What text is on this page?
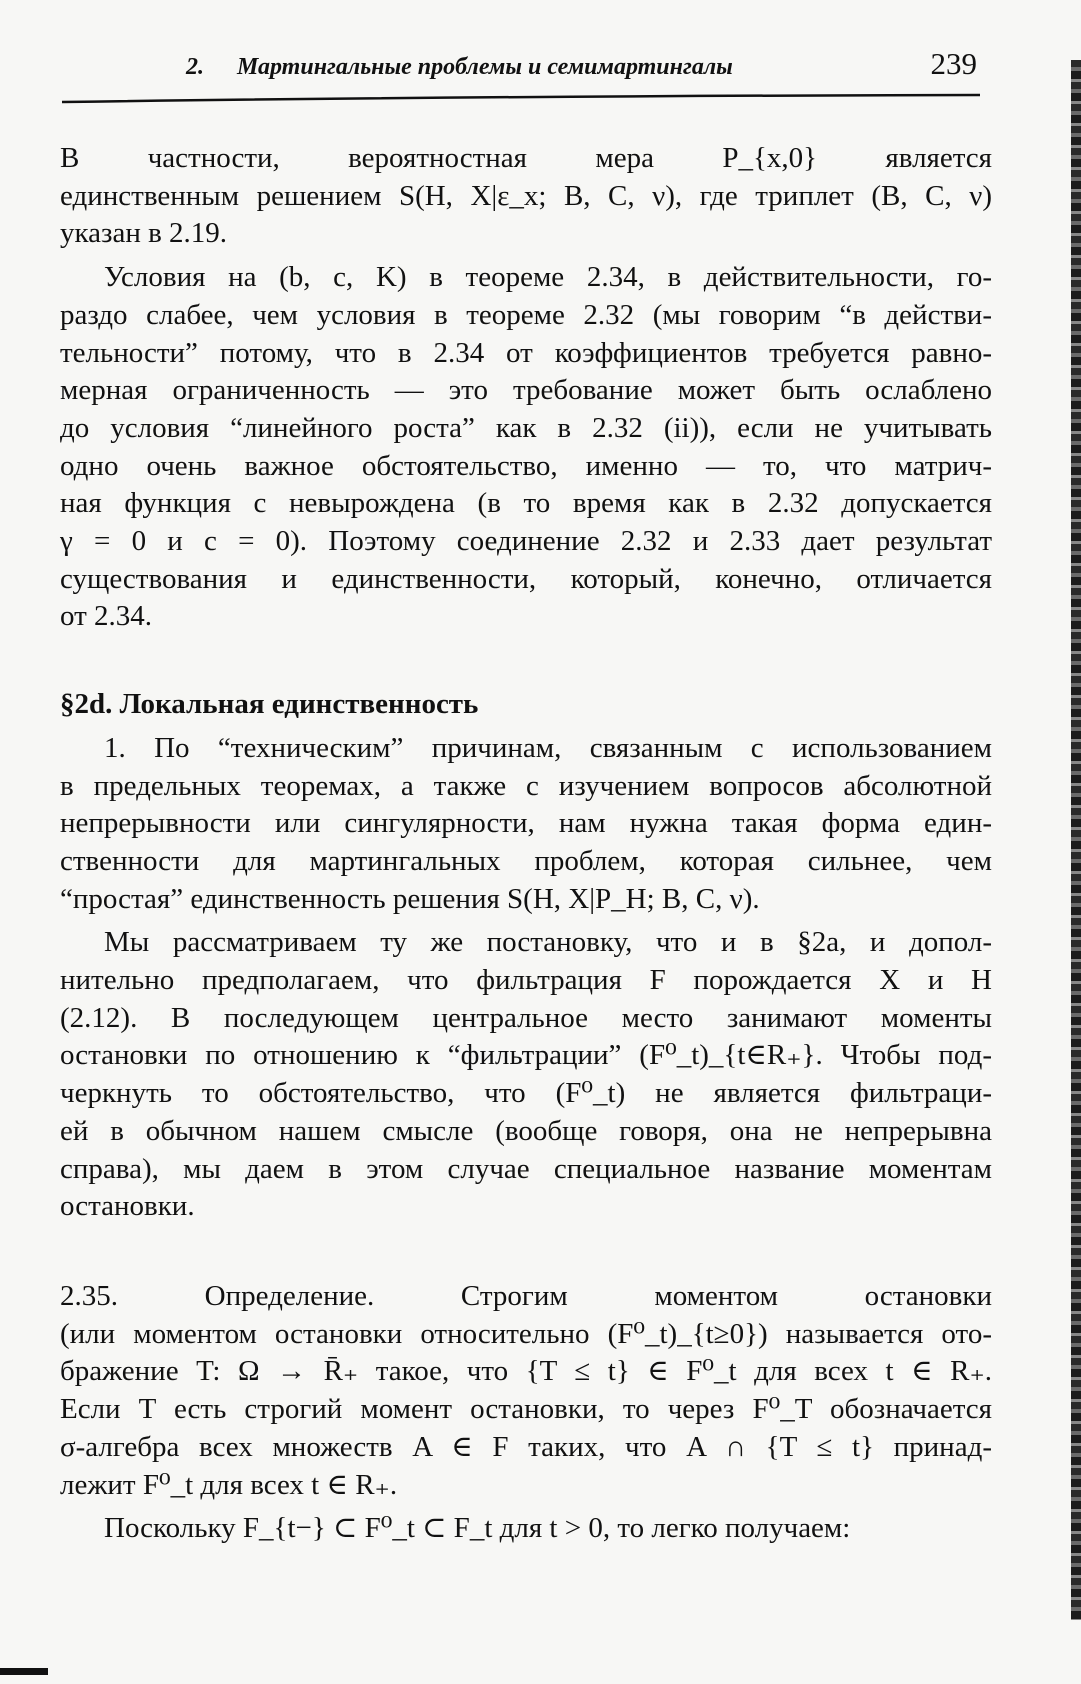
2. Мартингальные проблемы и семимартингалы	239
В частности, вероятностная мера P_{x,0} является
единственным решением S(H, X|ε_x; B, C, ν), где триплет (B, C, ν)
указан в 2.19.
Условия на (b, c, K) в теореме 2.34, в действительности, го-
раздо слабее, чем условия в теореме 2.32 (мы говорим “в действи-
тельности” потому, что в 2.34 от коэффициентов требуется равно-
мерная ограниченность — это требование может быть ослаблено
до условия “линейного роста” как в 2.32 (ii)), если не учитывать
одно очень важное обстоятельство, именно — то, что матрич-
ная функция c невырождена (в то время как в 2.32 допускается
γ = 0 и c = 0). Поэтому соединение 2.32 и 2.33 дает результат
существования и единственности, который, конечно, отличается
от 2.34.
§2d. Локальная единственность
1. По “техническим” причинам, связанным с использованием
в предельных теоремах, а также с изучением вопросов абсолютной
непрерывности или сингулярности, нам нужна такая форма един-
ственности для мартингальных проблем, которая сильнее, чем
“простая” единственность решения S(H, X|P_H; B, C, ν).
Мы рассматриваем ту же постановку, что и в §2a, и допол-
нительно предполагаем, что фильтрация F порождается X и H
(2.12). В последующем центральное место занимают моменты
остановки по отношению к “фильтрации” (F⁰_t)_{t∈R₊}. Чтобы под-
черкнуть то обстоятельство, что (F⁰_t) не является фильтраци-
ей в обычном нашем смысле (вообще говоря, она не непрерывна
справа), мы даем в этом случае специальное название моментам
остановки.
2.35. Определение. Строгим моментом остановки
(или моментом остановки относительно (F⁰_t)_{t≥0}) называется ото-
бражение T: Ω → R̄₊ такое, что {T ≤ t} ∈ F⁰_t для всех t ∈ R₊.
Если T есть строгий момент остановки, то через F⁰_T обозначается
σ-алгебра всех множеств A ∈ F таких, что A ∩ {T ≤ t} принад-
лежит F⁰_t для всех t ∈ R₊.
Поскольку F_{t−} ⊂ F⁰_t ⊂ F_t для t > 0, то легко получаем:
